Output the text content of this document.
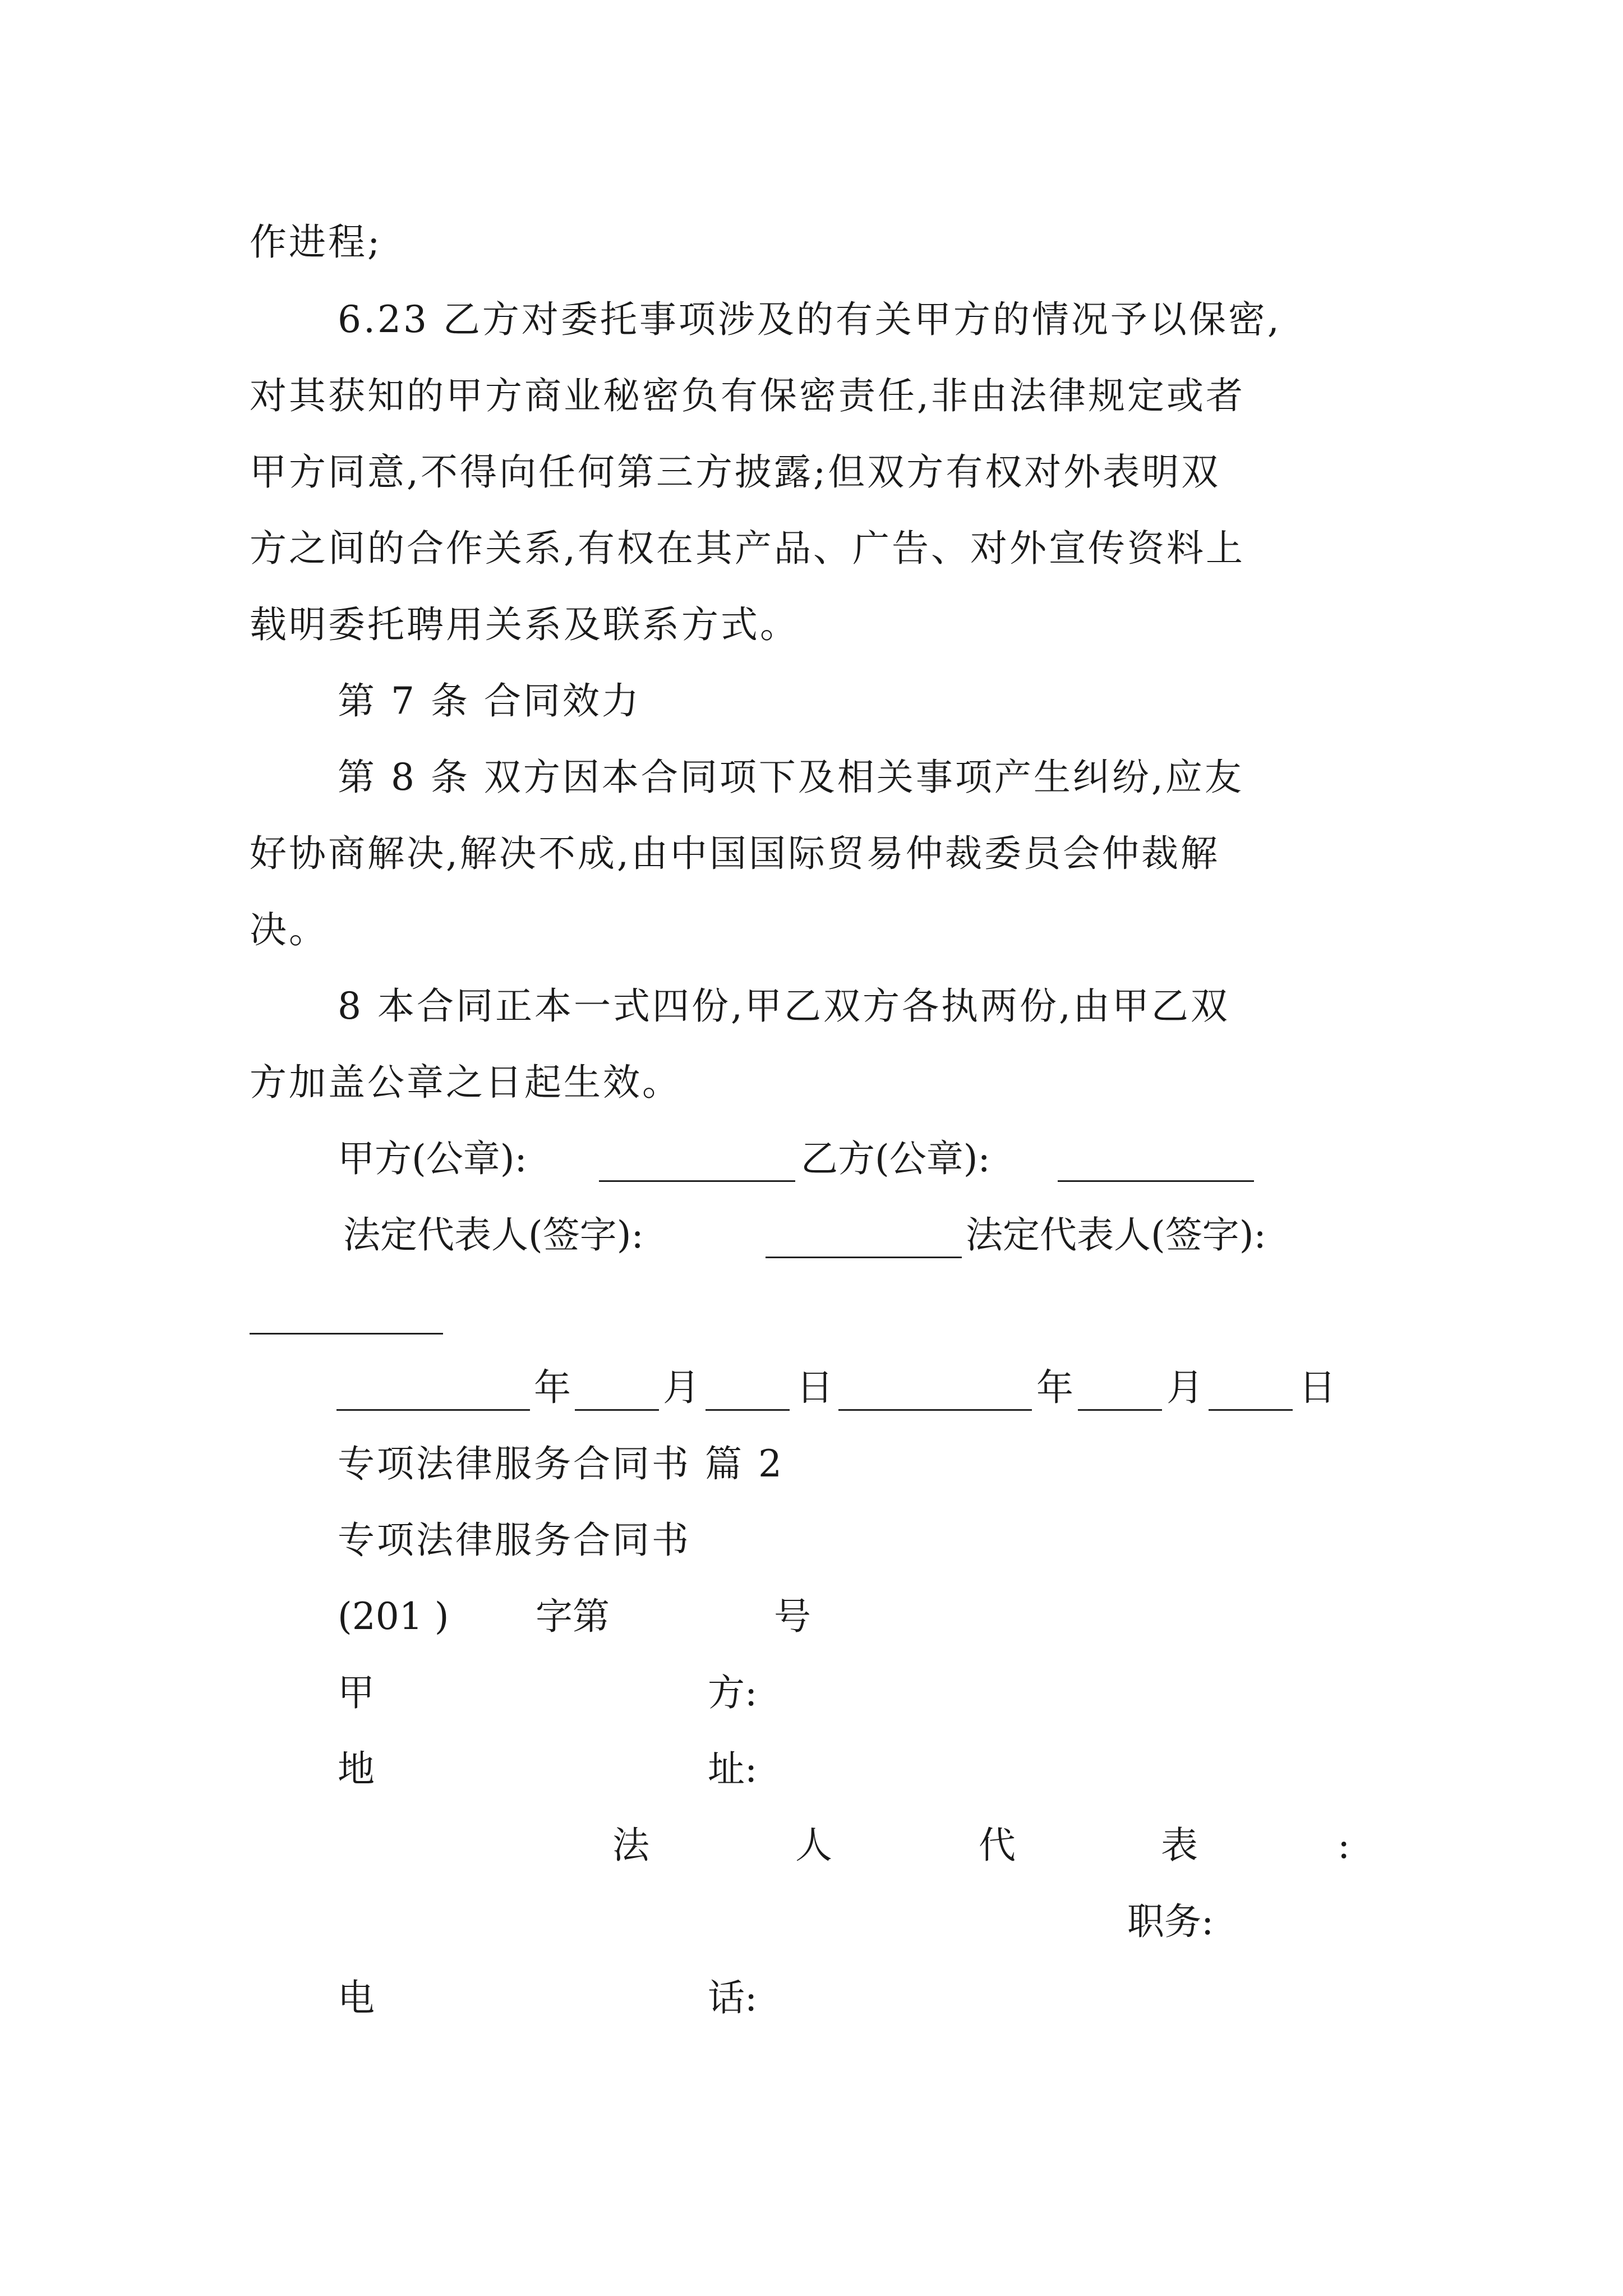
作进程;
6.23 乙方对委托事项涉及的有关甲方的情况予以保密,
对其获知的甲方商业秘密负有保密责任,非由法律规定或者
甲方同意,不得向任何第三方披露;但双方有权对外表明双
方之间的合作关系,有权在其产品、广告、对外宣传资料上
载明委托聘用关系及联系方式。
第 7 条 合同效力
第 8 条 双方因本合同项下及相关事项产生纠纷,应友
好协商解决,解决不成,由中国国际贸易仲裁委员会仲裁解
决。
8 本合同正本一式四份,甲乙双方各执两份,由甲乙双
方加盖公章之日起生效。
甲方(公章):	乙方(公章):
法定代表人(签字):	法定代表人(签字):
年 月	日	年	月	日
专项法律服务合同书 篇 2
专项法律服务合同书
(201 ) 字第	号
甲	方:
地	址:
法	人	代	表	:
职务:
电	话:
